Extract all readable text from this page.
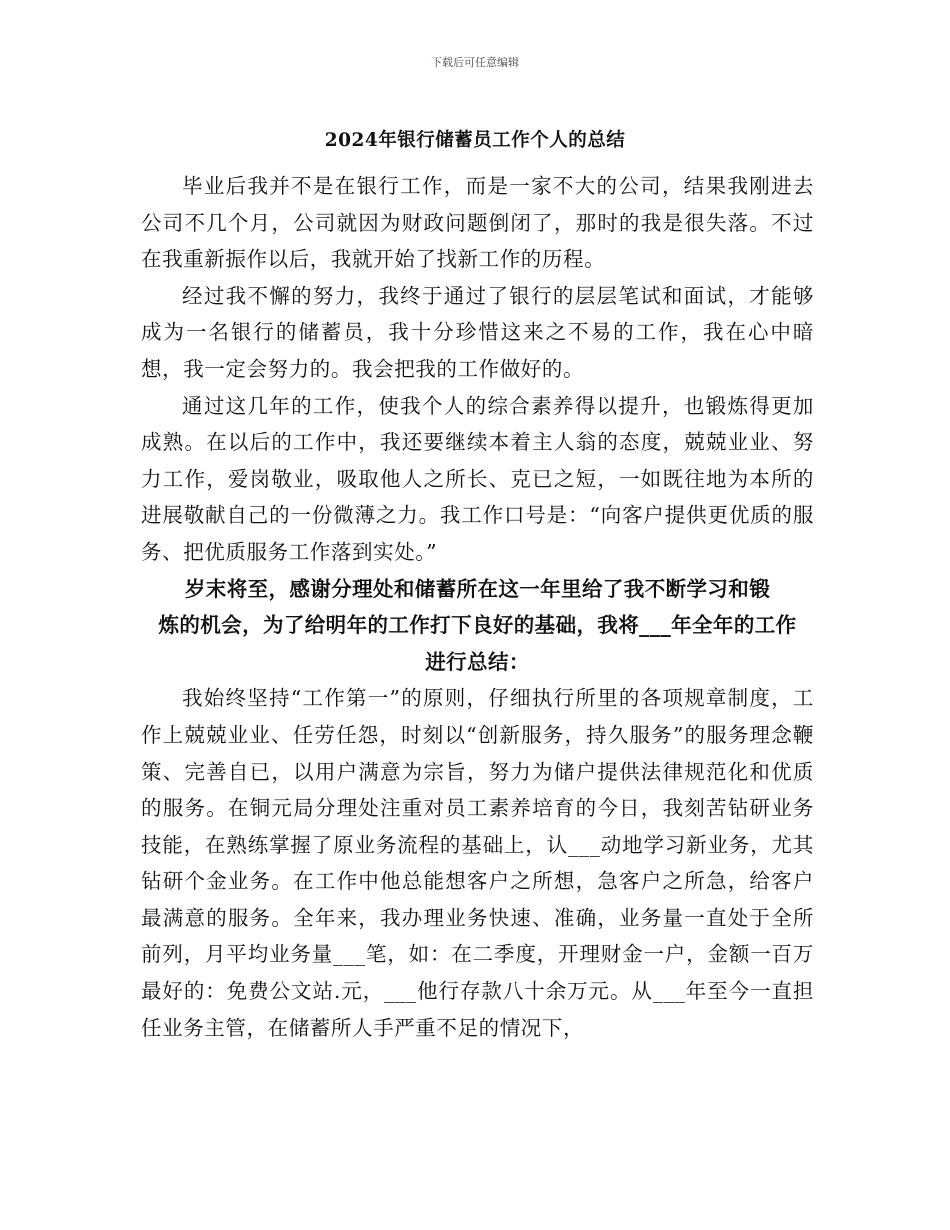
下载后可任意编辑
2024年银行储蓄员工作个人的总结

毕业后我并不是在银行工作，而是一家不大的公司，结果我刚进去公司不几个月，公司就因为财政问题倒闭了，那时的我是很失落。不过在我重新振作以后，我就开始了找新工作的历程。

经过我不懈的努力，我终于通过了银行的层层笔试和面试，才能够成为一名银行的储蓄员，我十分珍惜这来之不易的工作，我在心中暗想，我一定会努力的。我会把我的工作做好的。

通过这几年的工作，使我个人的综合素养得以提升，也锻炼得更加成熟。在以后的工作中，我还要继续本着主人翁的态度，兢兢业业、努力工作，爱岗敬业，吸取他人之所长、克已之短，一如既往地为本所的进展敬献自己的一份微薄之力。我工作口号是：“向客户提供更优质的服务、把优质服务工作落到实处。”

岁末将至，感谢分理处和储蓄所在这一年里给了我不断学习和锻
炼的机会，为了给明年的工作打下良好的基础，我将___年全年的工作
进行总结：

我始终坚持“工作第一”的原则，仔细执行所里的各项规章制度，工作上兢兢业业、任劳任怨，时刻以“创新服务，持久服务”的服务理念鞭策、完善自已，以用户满意为宗旨，努力为储户提供法律规范化和优质的服务。在铜元局分理处注重对员工素养培育的今日，我刻苦钻研业务技能，在熟练掌握了原业务流程的基础上，认___动地学习新业务，尤其钻研个金业务。在工作中他总能想客户之所想，急客户之所急，给客户最满意的服务。全年来，我办理业务快速、准确，业务量一直处于全所前列，月平均业务量___笔，如：在二季度，开理财金一户，金额一百万最好的：免费公文站.元，___他行存款八十余万元。从___年至今一直担任业务主管，在储蓄所人手严重不足的情况下，
